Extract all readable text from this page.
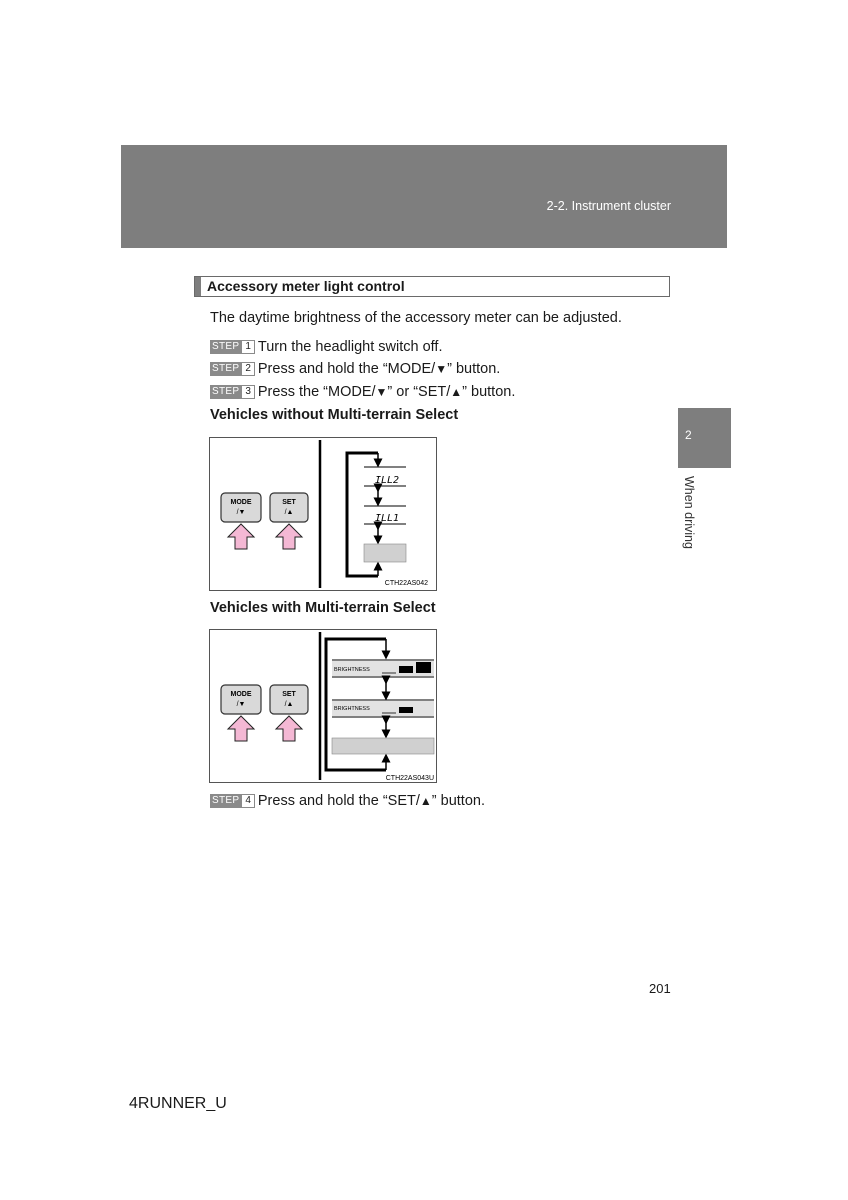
2-2. Instrument cluster
2
When driving
Accessory meter light control
The daytime brightness of the accessory meter can be adjusted.
STEP 1 Turn the headlight switch off.
STEP 2 Press and hold the “MODE/ ▼ ” button.
STEP 3 Press the “MODE/ ▼ ” or “SET/ ▲ ” button.
Vehicles without Multi-terrain Select
MODE
/▼
SET
/▲
ILL2
ILL1
CTH22AS042
Vehicles with Multi-terrain Select
MODE
/▼
SET
/▲
BRIGHTNESS
BRIGHTNESS
CTH22AS043U
STEP 4 Press and hold the “SET/ ▲ ” button.
201
4RUNNER_U
